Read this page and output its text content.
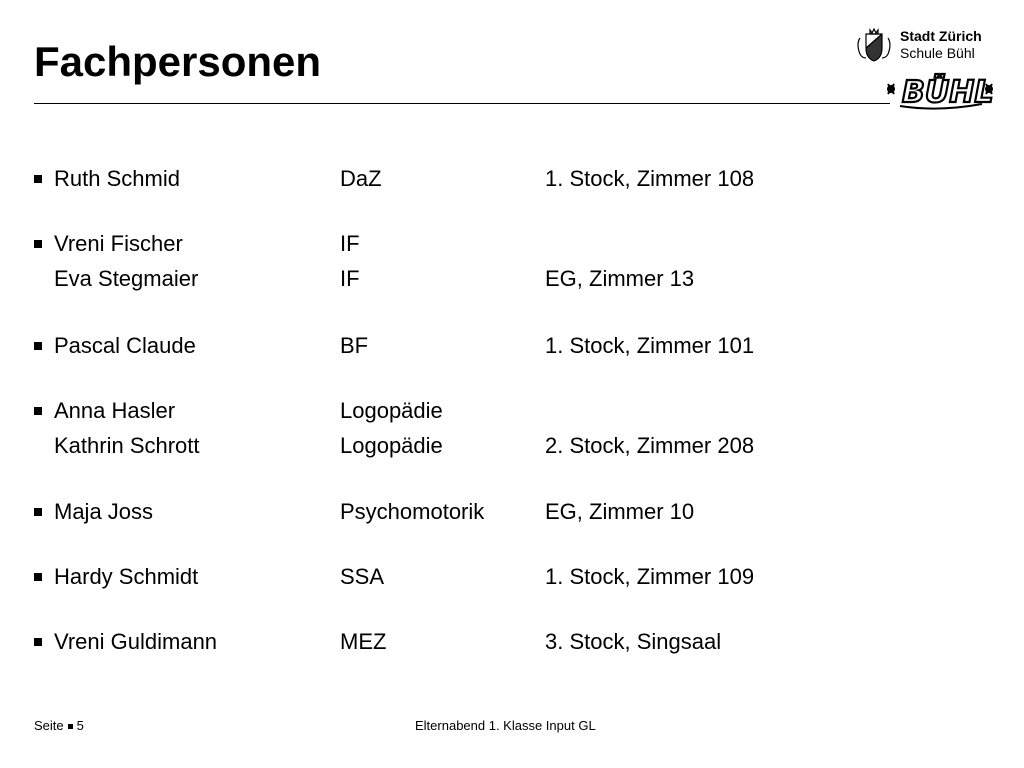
Fachpersonen
Stadt Zürich
Schule Bühl
BÜHL
Ruth Schmid	DaZ	1. Stock, Zimmer 108
Vreni Fischer	IF
Eva Stegmaier	IF	EG, Zimmer 13
Pascal Claude	BF	1. Stock, Zimmer 101
Anna Hasler	Logopädie
Kathrin Schrott	Logopädie	2. Stock, Zimmer 208
Maja Joss	Psychomotorik	EG, Zimmer 10
Hardy Schmidt	SSA	1. Stock, Zimmer 109
Vreni Guldimann	MEZ	3. Stock, Singsaal
Seite 5	Elternabend 1. Klasse Input GL
